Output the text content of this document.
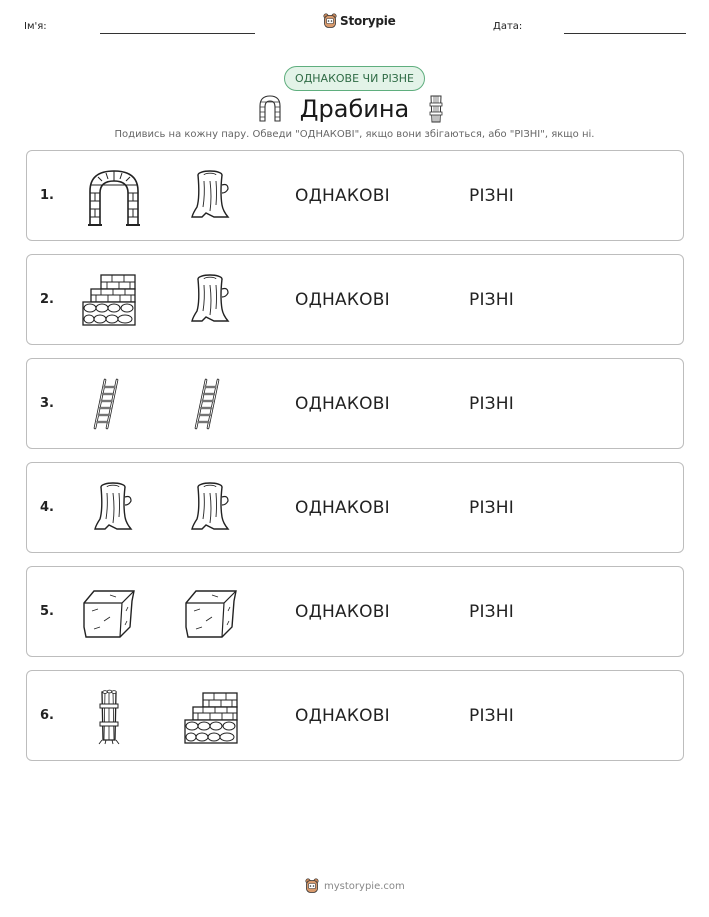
Ім'я:	Storypie	Дата:
ОДНАКОВЕ ЧИ РІЗНЕ
Драбина
Подивись на кожну пару. Обведи "ОДНАКОВІ", якщо вони збігаються, або "РІЗНІ", якщо ні.
1.	ОДНАКОВІ	РІЗНІ
2.	ОДНАКОВІ	РІЗНІ
3.	ОДНАКОВІ	РІЗНІ
4.	ОДНАКОВІ	РІЗНІ
5.	ОДНАКОВІ	РІЗНІ
6.	ОДНАКОВІ	РІЗНІ
mystorypie.com
